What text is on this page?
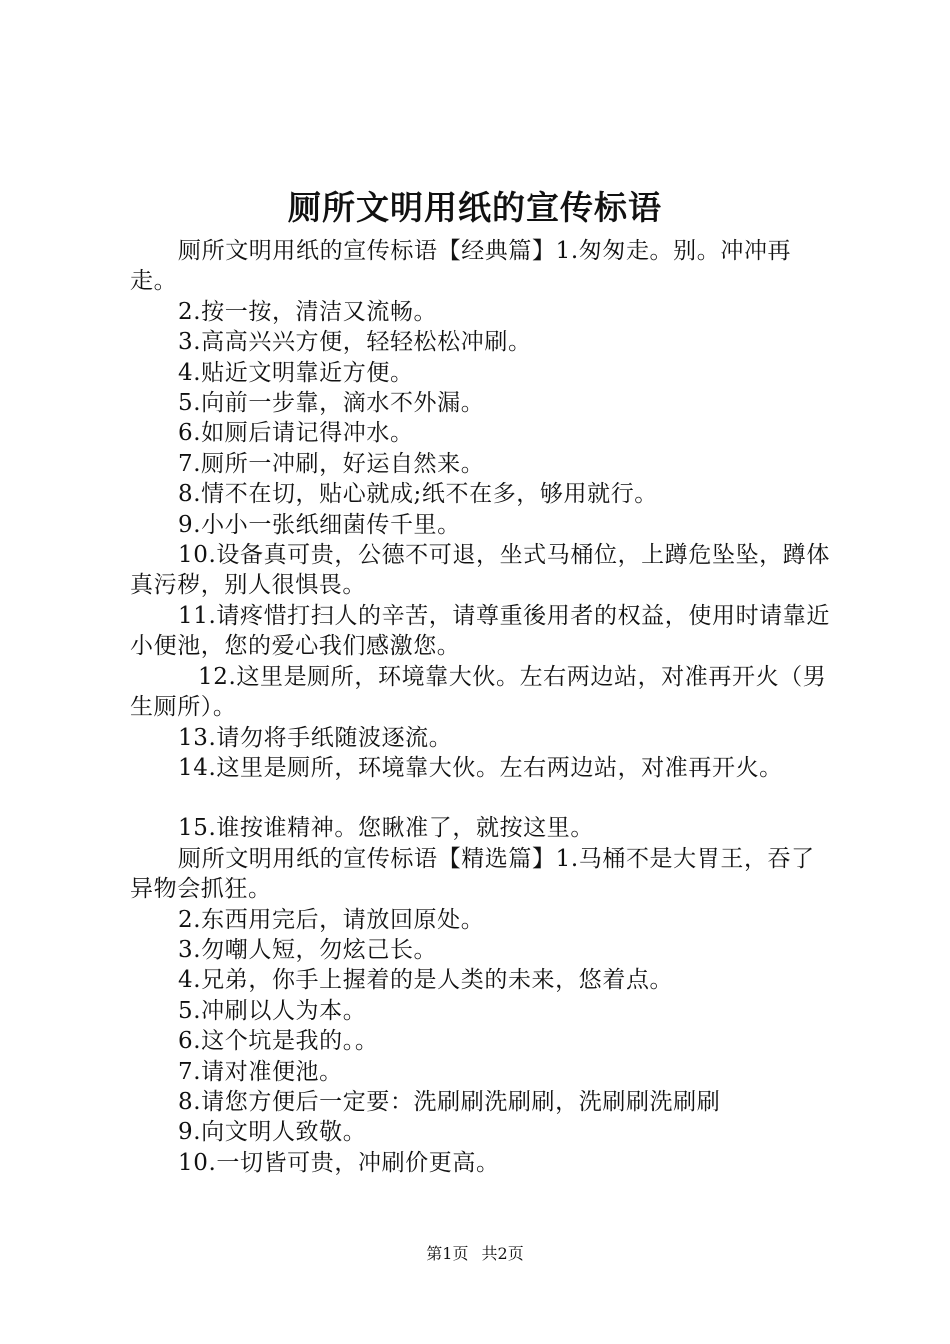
厕所文明用纸的宣传标语

厕所文明用纸的宣传标语【经典篇】1.匆匆走。别。冲冲再走。

2.按一按，清洁又流畅。

3.高高兴兴方便，轻轻松松冲刷。

4.贴近文明靠近方便。

5.向前一步靠，滴水不外漏。

6.如厕后请记得冲水。

7.厕所一冲刷，好运自然来。

8.情不在切，贴心就成;纸不在多，够用就行。

9.小小一张纸细菌传千里。

10.设备真可贵，公德不可退，坐式马桶位，上蹲危坠坠，蹲体真污秽，别人很惧畏。

11.请疼惜打扫人的辛苦，请尊重後用者的权益，使用时请靠近小便池，您的爱心我们感激您。

12.这里是厕所，环境靠大伙。左右两边站，对准再开火（男生厕所）。

13.请勿将手纸随波逐流。

14.这里是厕所，环境靠大伙。左右两边站，对准再开火。

15.谁按谁精神。您瞅准了，就按这里。

厕所文明用纸的宣传标语【精选篇】1.马桶不是大胃王，吞了异物会抓狂。

2.东西用完后，请放回原处。

3.勿嘲人短，勿炫己长。

4.兄弟，你手上握着的是人类的未来，悠着点。

5.冲刷以人为本。

6.这个坑是我的。。

7.请对准便池。

8.请您方便后一定要：洗刷刷洗刷刷，洗刷刷洗刷刷

9.向文明人致敬。

10.一切皆可贵，冲刷价更高。

第1页 共2页
